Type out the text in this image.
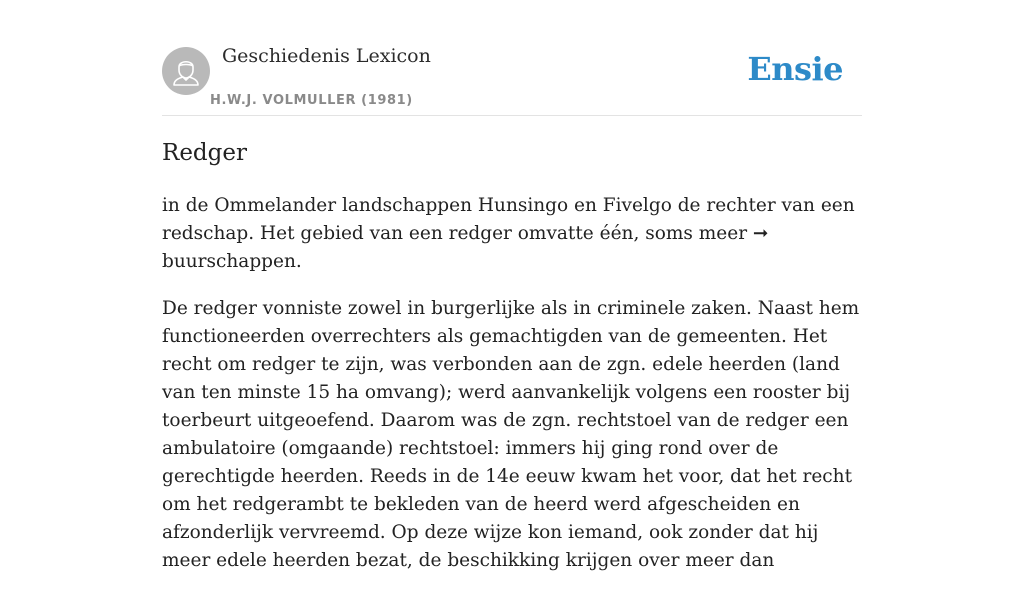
Geschiedenis Lexicon
H.W.J. VOLMULLER (1981)
Ensie
Redger

in de Ommelander landschappen Hunsingo en Fivelgo de rechter van een redschap. Het gebied van een redger omvatte één, soms meer ➞ buurschappen.

De redger vonniste zowel in burgerlijke als in criminele zaken. Naast hem functioneerden overrechters als gemachtigden van de gemeenten. Het recht om redger te zijn, was verbonden aan de zgn. edele heerden (land van ten minste 15 ha omvang); werd aanvankelijk volgens een rooster bij toerbeurt uitgeoefend. Daarom was de zgn. rechtstoel van de redger een ambulatoire (omgaande) rechtstoel: immers hij ging rond over de gerechtigde heerden. Reeds in de 14e eeuw kwam het voor, dat het recht om het redgerambt te bekleden van de heerd werd afgescheiden en afzonderlijk vervreemd. Op deze wijze kon iemand, ook zonder dat hij meer edele heerden bezat, de beschikking krijgen over meer dan
